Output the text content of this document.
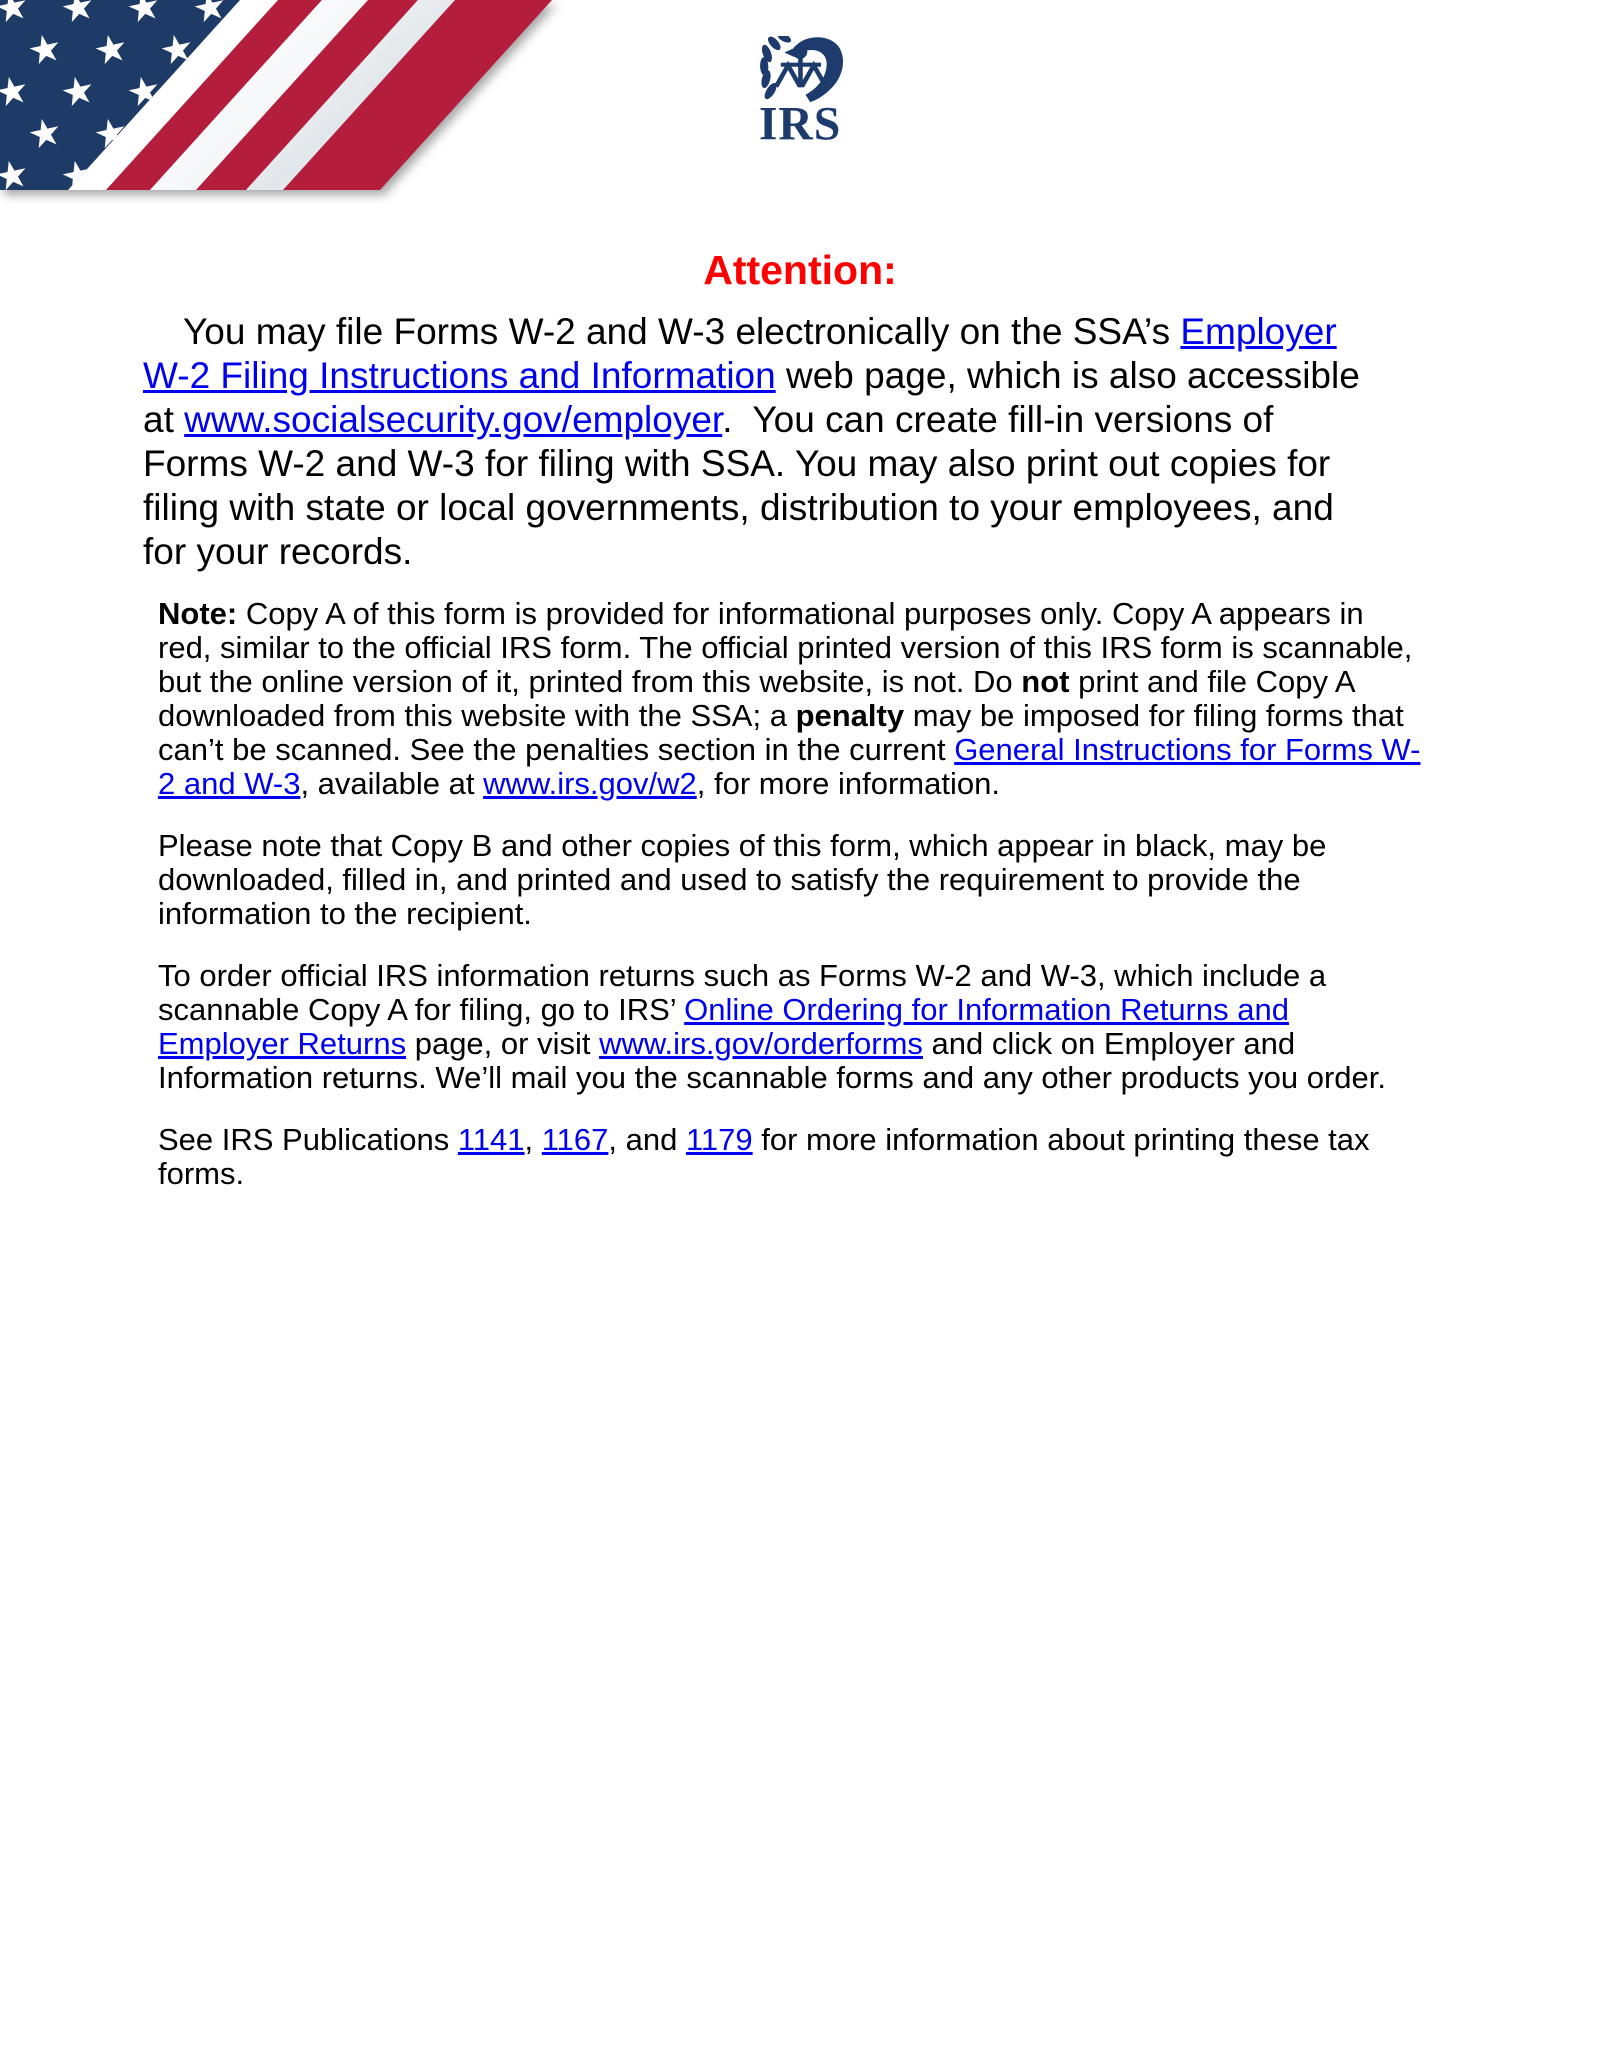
IRS
Attention:

You may file Forms W-2 and W-3 electronically on the SSA’s Employer W-2 Filing Instructions and Information web page, which is also accessible at www.socialsecurity.gov/employer.  You can create fill-in versions of Forms W-2 and W-3 for filing with SSA. You may also print out copies for filing with state or local governments, distribution to your employees, and for your records.

Note: Copy A of this form is provided for informational purposes only. Copy A appears in red, similar to the official IRS form. The official printed version of this IRS form is scannable, but the online version of it, printed from this website, is not. Do not print and file Copy A downloaded from this website with the SSA; a penalty may be imposed for filing forms that can’t be scanned. See the penalties section in the current General Instructions for Forms W-2 and W-3, available at www.irs.gov/w2, for more information.

Please note that Copy B and other copies of this form, which appear in black, may be downloaded, filled in, and printed and used to satisfy the requirement to provide the information to the recipient.

To order official IRS information returns such as Forms W-2 and W-3, which include a scannable Copy A for filing, go to IRS’ Online Ordering for Information Returns and Employer Returns page, or visit www.irs.gov/orderforms and click on Employer and Information returns. We’ll mail you the scannable forms and any other products you order.

See IRS Publications 1141, 1167, and 1179 for more information about printing these tax forms.
